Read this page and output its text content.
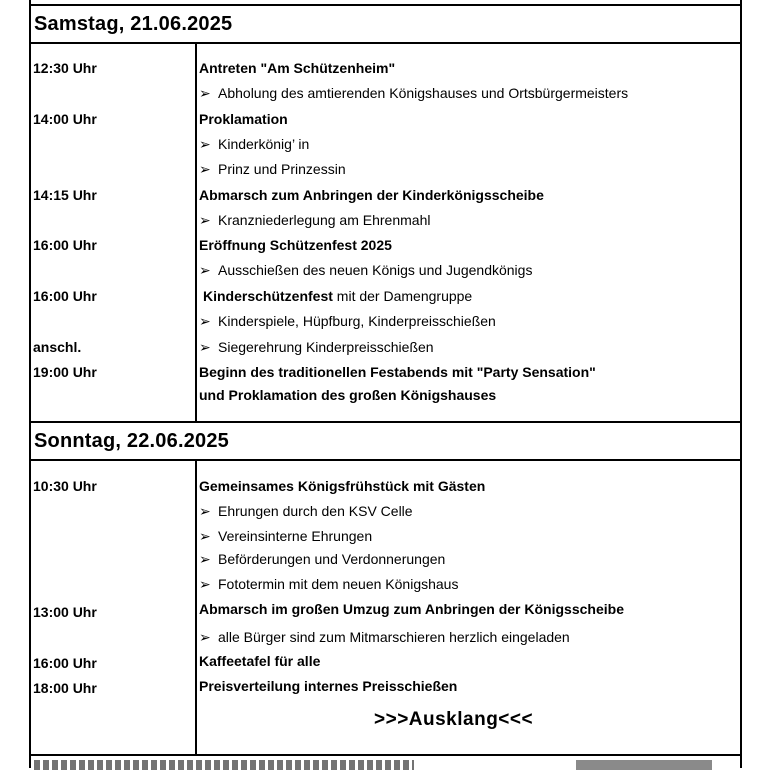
Samstag, 21.06.2025
12:30 Uhr	Antreten "Am Schützenheim"
➢ Abholung des amtierenden Königshauses und Ortsbürgermeisters
14:00 Uhr	Proklamation
➢ Kinderkönig’ in
➢ Prinz und Prinzessin
14:15 Uhr	Abmarsch zum Anbringen der Kinderkönigsscheibe
➢ Kranzniederlegung am Ehrenmahl
16:00 Uhr	Eröffnung Schützenfest 2025
➢ Ausschießen des neuen Königs und Jugendkönigs
16:00 Uhr	Kinderschützenfest mit der Damengruppe
➢ Kinderspiele, Hüpfburg, Kinderpreisschießen
anschl.	➢ Siegerehrung Kinderpreisschießen
19:00 Uhr	Beginn des traditionellen Festabends mit "Party Sensation"
und Proklamation des großen Königshauses
Sonntag, 22.06.2025
10:30 Uhr	Gemeinsames Königsfrühstück mit Gästen
➢ Ehrungen durch den KSV Celle
➢ Vereinsinterne Ehrungen
➢ Beförderungen und Verdonnerungen
➢ Fototermin mit dem neuen Königshaus
13:00 Uhr	Abmarsch im großen Umzug zum Anbringen der Königsscheibe
➢ alle Bürger sind zum Mitmarschieren herzlich eingeladen
16:00 Uhr	Kaffeetafel für alle
18:00 Uhr	Preisverteilung internes Preisschießen
>>>Ausklang<<<
